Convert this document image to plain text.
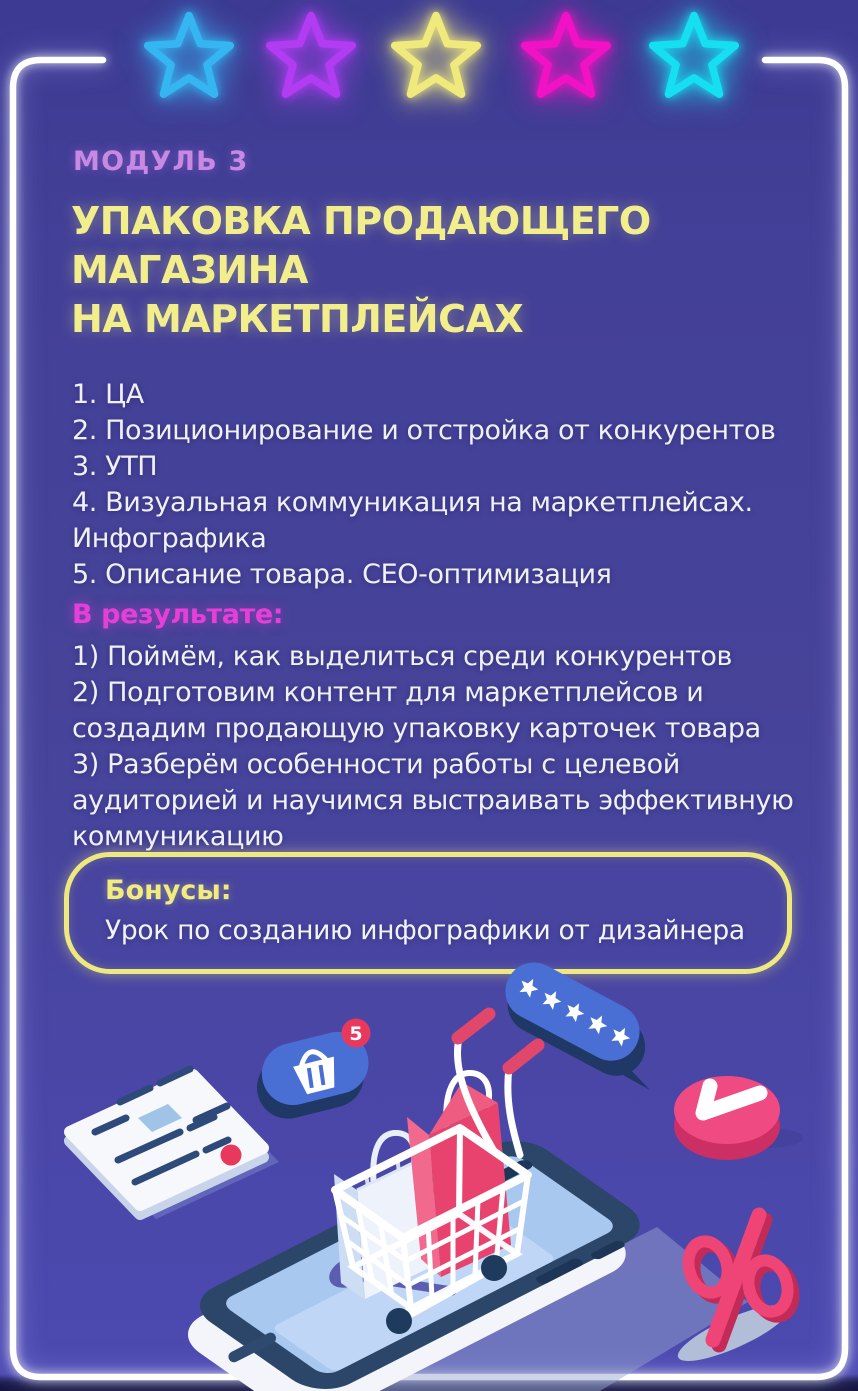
МОДУЛЬ 3
УПАКОВКА ПРОДАЮЩЕГО
МАГАЗИНА
НА МАРКЕТПЛЕЙСАХ
1. ЦА
2. Позиционирование и отстройка от конкурентов
3. УТП
4. Визуальная коммуникация на маркетплейсах. Инфографика
5. Описание товара. СЕО-оптимизация
В результате:
1) Поймём, как выделиться среди конкурентов
2) Подготовим контент для маркетплейсов и создадим продающую упаковку карточек товара
3) Разберём особенности работы с целевой аудиторией и научимся выстраивать эффективную коммуникацию
Бонусы:
Урок по созданию инфографики от дизайнера
5
